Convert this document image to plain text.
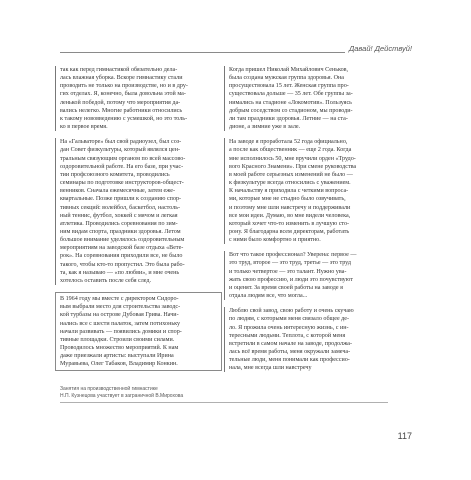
Давай! Действуй!

так как перед гимнастикой обязательно дела-
лась влажная уборка. Вскоре гимнастику стали
проводить не только на производстве, но и в дру-
гих отделах. Я, конечно, была довольна этой ма-
ленькой победой, потому что мероприятия да-
вались нелегко. Многие работники относились
к такому нововведению с усмешкой, но это толь-
ко в первое время.

На «Гальваторе» был свой радиоузел, был соз-
дан Совет физкультуры, который являлся цен-
тральным связующим органом по всей массово-
оздоровительной работе. На его базе, при учас-
тии профсоюзного комитета, проводились
семинары по подготовке инструкторов-общест-
венников. Сначала ежемесячные, затем еже-
квартальные. Позже пришли к созданию спор-
тивных секций: волейбол, баскетбол, настоль-
ный теннис, футбол, хоккей с мячом и легкая
атлетика. Проводились соревнования по зим-
ним видам спорта, праздники здоровья. Летом
большое внимание уделялось оздоровительным
мероприятиям на заводской базе отдыха «Вете-
рок». На соревнования приходили все, не было
такого, чтобы кто-то пропустил. Это была рабо-
та, как я называю — «по любви», и мне очень
хотелось оставить после себя след.

В 1964 году мы вместе с директором Сидоро-
вым выбрали место для строительства заводс-
кой турбазы на острове Дубовая Грива. Начи-
нались все с шести палаток, затем потихоньку
начали развивать — появились домики и спор-
тивные площадки. Строили своими силами.
Проводилось множество мероприятий. К нам
даже приезжали артисты: выступали Ирина
Муравьева, Олег Табаков, Владимир Конкин.

Когда пришел Николай Михайлович Сеньков,
была создана мужская группа здоровья. Она
просуществовала 15 лет. Женская группа про-
существовала дольше — 35 лет. Обе группы за-
нимались на стадионе «Локомотив». Пользуясь
добрым соседством со стадионом, мы проводи-
ли там праздники здоровья. Летние — на ста-
дионе, а зимние уже в зале.

На заводе я проработала 52 года официально,
а после как общественник — еще 2 года. Когда
мне исполнилось 50, мне вручили орден «Трудо-
вого Красного Знамени». При смене руководства
в моей работе серьезных изменений не было —
к физкультуре всегда относились с уважением.
К начальству я приходила с четкими вопроса-
ми, которые мне не стыдно было озвучивать,
и поэтому мне шли навстречу и поддерживали
все мои идеи. Думаю, во мне видели человека,
который хочет что-то изменить в лучшую сто-
рону. Я благодарна всем директорам, работать
с ними было комфортно и приятно.

Вот что такое профессионал? Уверена: первое —
это труд, второе — это труд, третье — это труд
и только четвертое — это талант. Нужно ува-
жать свою профессию, и люди это почувствуют
и оценят. За время своей работы на заводе я
отдала людям все, что могла...

Люблю свой завод, свою работу и очень скучаю
по людям, с которыми меня связало общее де-
ло. Я прожила очень интересную жизнь, с ин-
тересными людьми. Теплота, с которой меня
встретили в самом начале на заводе, продолжа-
лась всё время работы, меня окружали замеча-
тельные люди, меня понимали как профессио-
нала, мне всегда шли навстречу

Занятия на производственной гимнастике
Н.П. Кузнецова участвует в заграничной В.Мирохова
117
